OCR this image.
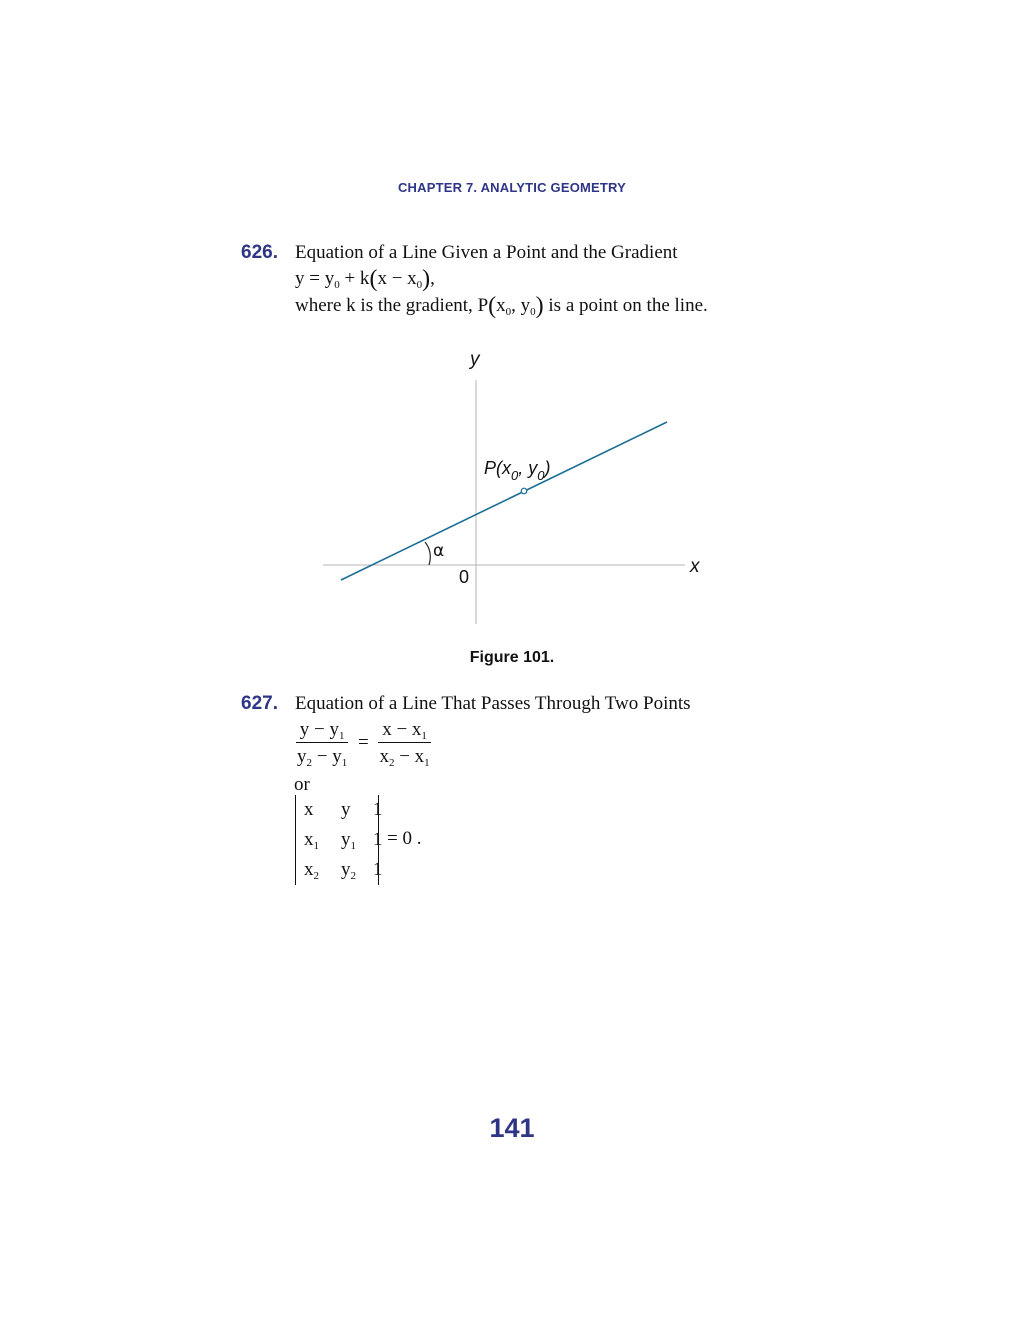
CHAPTER 7. ANALYTIC GEOMETRY
626. Equation of a Line Given a Point and the Gradient
$y = y_0 + k(x - x_0)$,
where k is the gradient, $P(x_0$, $y_0$) is a point on the line.
y
x
0
α
$P(x_0$, $y_0$)
Figure 101.
627. Equation of a Line That Passes Through Two Points
$\frac{y - y_1}{y_2 - y_1} = \frac{x - x_1}{x_2 - x_1}$
or
x y 1
$x_1$ $y_1$ 1
$x_2$ $y_2$ 1
= 0 .
141
